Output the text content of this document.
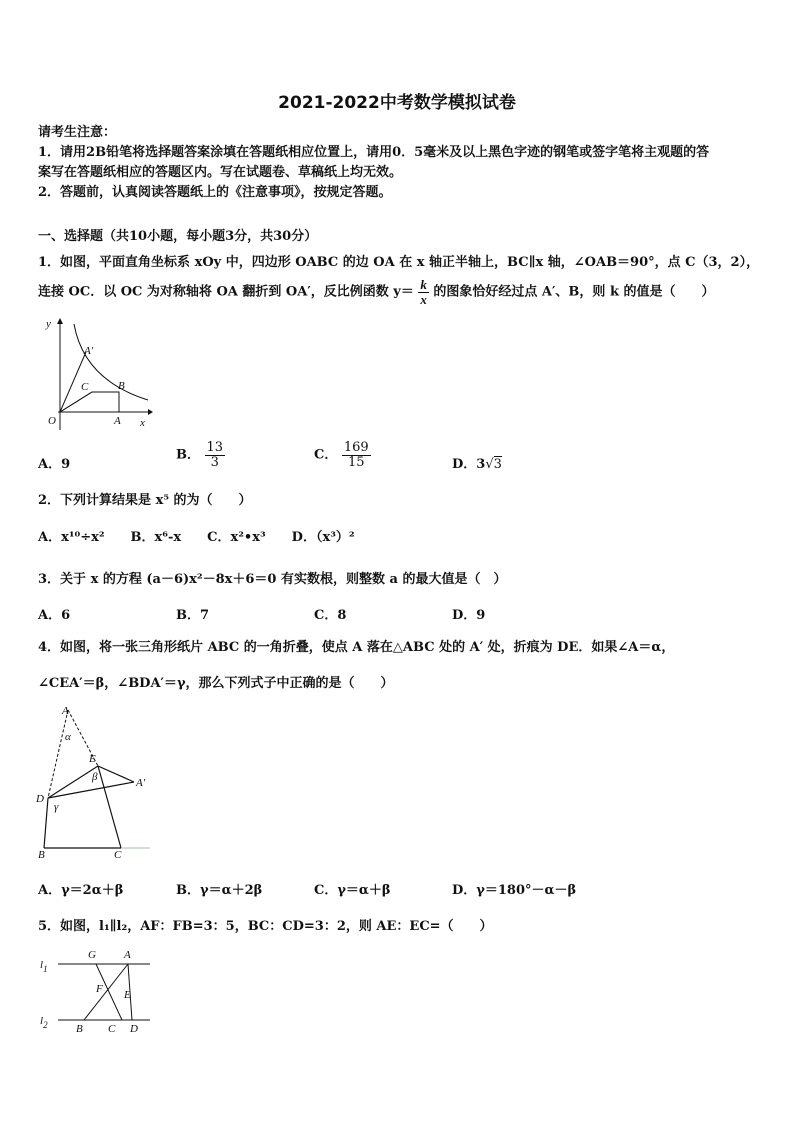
2021-2022中考数学模拟试卷
请考生注意：
1．请用2B铅笔将选择题答案涂填在答题纸相应位置上，请用0．5毫米及以上黑色字迹的钢笔或签字笔将主观题的答
案写在答题纸相应的答题区内。写在试题卷、草稿纸上均无效。
2．答题前，认真阅读答题纸上的《注意事项》，按规定答题。
一、选择题（共10小题，每小题3分，共30分）
1．如图，平面直角坐标系 xOy 中，四边形 OABC 的边 OA 在 x 轴正半轴上，BC∥x 轴，∠OAB＝90°，点 C（3，2），
连接 OC．以 OC 为对称轴将 OA 翻折到 OA′，反比例函数 $y= \frac{k}{x}$ 的图象恰好经过点 A′、B，则 k 的值是（　　）
y
x
O	A
B
C
A′
A．9
B． $\frac{13}{3}$	C． $\frac{169}{15}$	D．3√3
2．下列计算结果是 x⁵ 的为（　　）
A．x¹⁰÷x²　　B．x⁶-x　　C．x²•x³　　D．（x³）²
3．关于 x 的方程 (a－6)x²－8x＋6＝0 有实数根，则整数 a 的最大值是（　）
A．6	B．7	C．8	D．9
4．如图，将一张三角形纸片 ABC 的一角折叠，使点 A 落在△ABC 处的 A′ 处，折痕为 DE．如果∠A＝α，
∠CEA′＝β，∠BDA′＝γ，那么下列式子中正确的是（　　）
A
α
E
β	A′
D
γ
B	C
A．γ＝2α＋β	B．γ＝α＋2β	C．γ＝α＋β	D．γ＝180°－α－β
5．如图，l₁∥l₂，AF：FB=3：5，BC：CD=3：2，则 AE：EC=（　　）
$l_1$
$l_2$
G	A
F E
B C D
